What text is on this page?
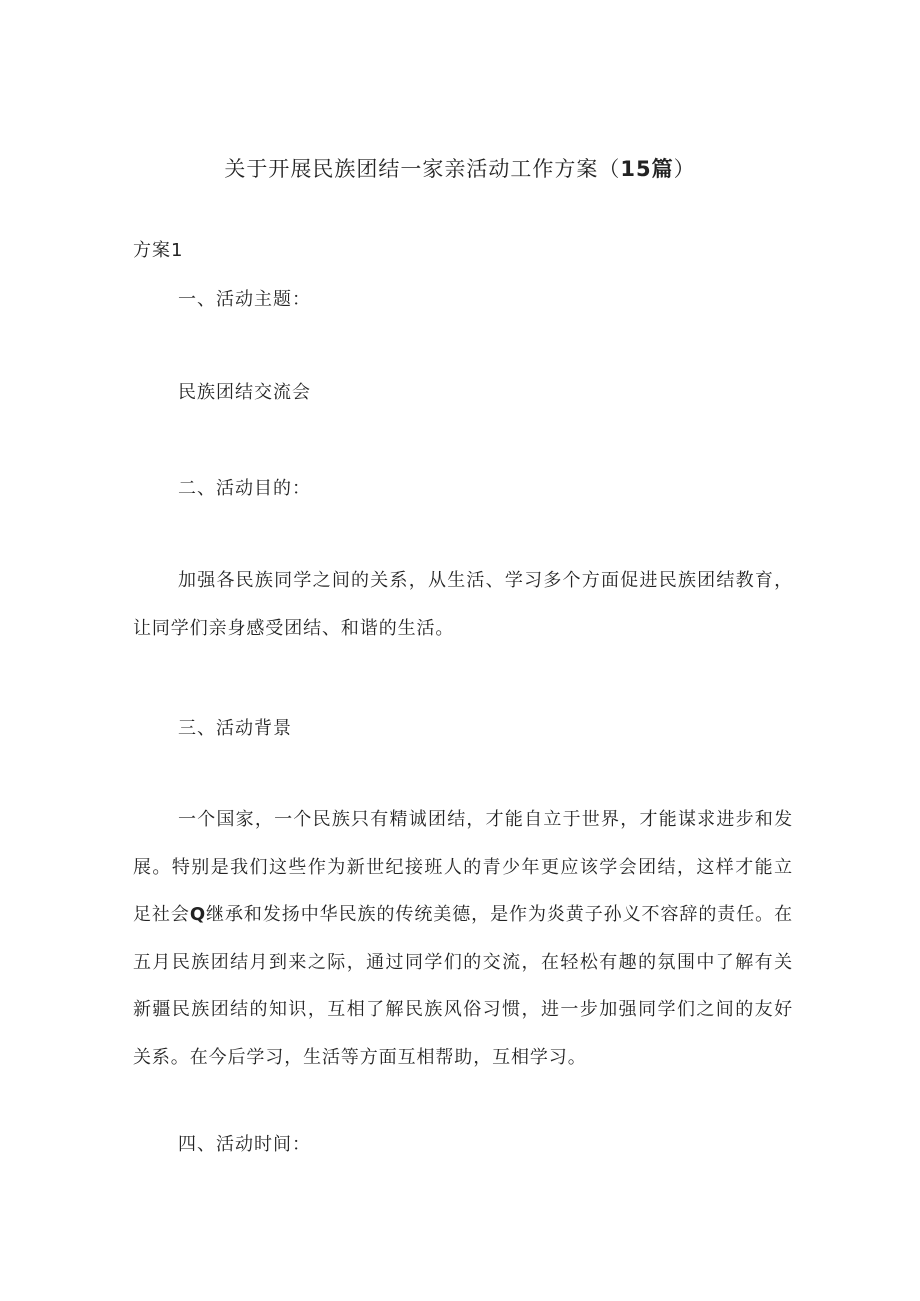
关于开展民族团结一家亲活动工作方案（15篇）
方案1
一、活动主题：
民族团结交流会
二、活动目的：

加强各民族同学之间的关系，从生活、学习多个方面促进民族团结教育，让同学们亲身感受团结、和谐的生活。

三、活动背景

一个国家，一个民族只有精诚团结，才能自立于世界，才能谋求进步和发展。特别是我们这些作为新世纪接班人的青少年更应该学会团结，这样才能立足社会Q继承和发扬中华民族的传统美德，是作为炎黄子孙义不容辞的责任。在五月民族团结月到来之际，通过同学们的交流，在轻松有趣的氛围中了解有关新疆民族团结的知识，互相了解民族风俗习惯，进一步加强同学们之间的友好关系。在今后学习，生活等方面互相帮助，互相学习。

四、活动时间：
